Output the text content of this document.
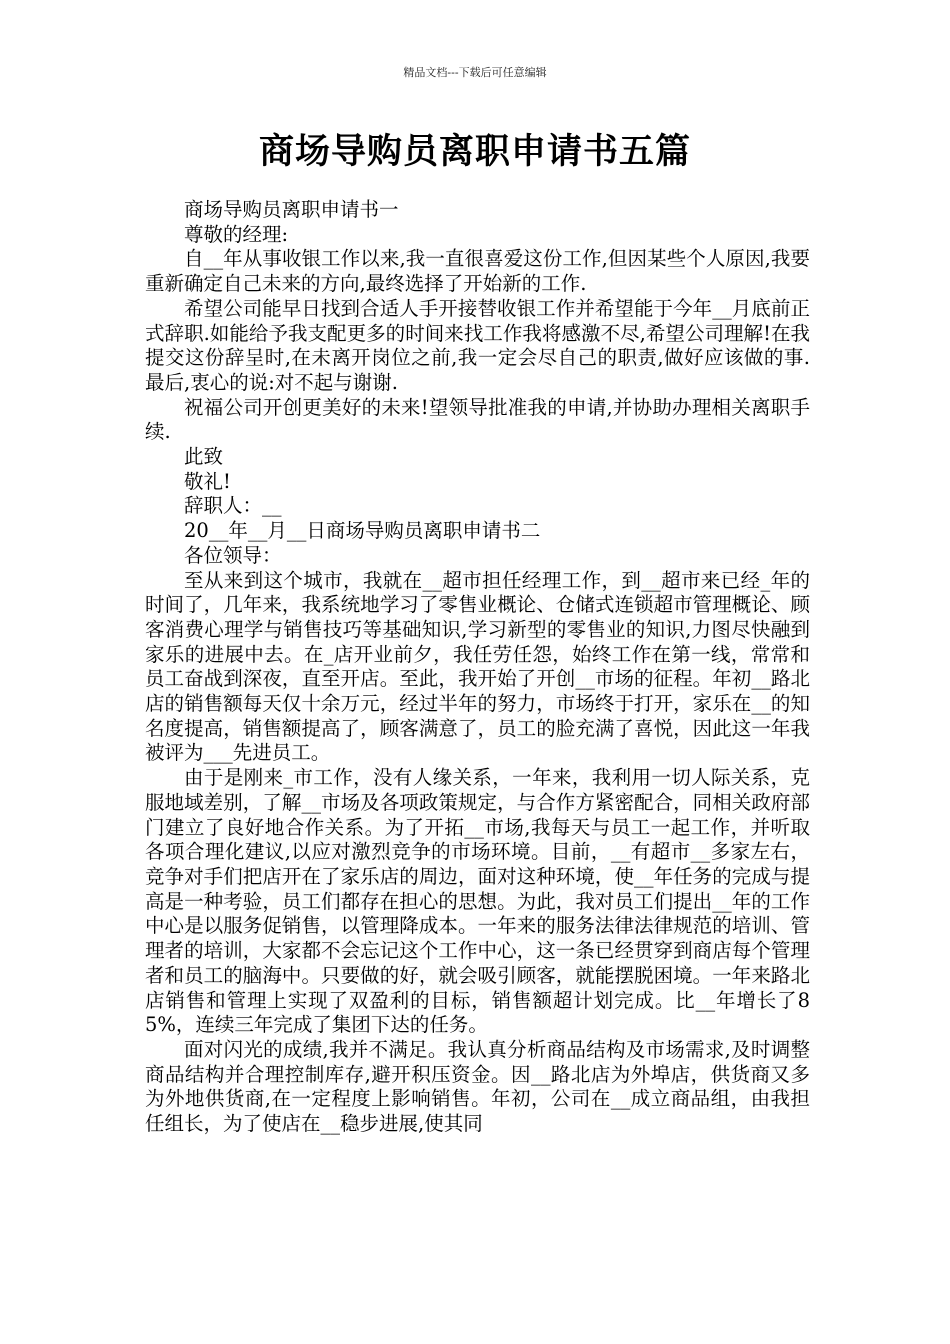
精品文档---下载后可任意编辑
商场导购员离职申请书五篇

商场导购员离职申请书一

尊敬的经理:

自__年从事收银工作以来,我一直很喜爱这份工作,但因某些个人原因,我要重新确定自己未来的方向,最终选择了开始新的工作.

希望公司能早日找到合适人手开接替收银工作并希望能于今年__月底前正式辞职.如能给予我支配更多的时间来找工作我将感激不尽,希望公司理解!在我提交这份辞呈时,在未离开岗位之前,我一定会尽自己的职责,做好应该做的事.最后,衷心的说:对不起与谢谢.

祝福公司开创更美好的未来!望领导批准我的申请,并协助办理相关离职手续.

此致

敬礼!

辞职人：__

20__年__月__日商场导购员离职申请书二

各位领导：

至从来到这个城市，我就在__超市担任经理工作，到__超市来已经_年的时间了，几年来，我系统地学习了零售业概论、仓储式连锁超市管理概论、顾客消费心理学与销售技巧等基础知识,学习新型的零售业的知识,力图尽快融到家乐的进展中去。在_店开业前夕，我任劳任怨，始终工作在第一线，常常和员工奋战到深夜，直至开店。至此，我开始了开创__市场的征程。年初__路北店的销售额每天仅十余万元，经过半年的努力，市场终于打开，家乐在__的知名度提高，销售额提高了，顾客满意了，员工的脸充满了喜悦，因此这一年我被评为___先进员工。

由于是刚来_市工作，没有人缘关系，一年来，我利用一切人际关系，克服地域差别，了解__市场及各项政策规定，与合作方紧密配合，同相关政府部门建立了良好地合作关系。为了开拓__市场,我每天与员工一起工作，并听取各项合理化建议,以应对激烈竞争的市场环境。目前，__有超市__多家左右，竞争对手们把店开在了家乐店的周边，面对这种环境，使__年任务的完成与提高是一种考验，员工们都存在担心的思想。为此，我对员工们提出__年的工作中心是以服务促销售，以管理降成本。一年来的服务法律法律规范的培训、管理者的培训，大家都不会忘记这个工作中心，这一条已经贯穿到商店每个管理者和员工的脑海中。只要做的好，就会吸引顾客，就能摆脱困境。一年来路北店销售和管理上实现了双盈利的目标，销售额超计划完成。比__年增长了85%，连续三年完成了集团下达的任务。

面对闪光的成绩,我并不满足。我认真分析商品结构及市场需求,及时调整商品结构并合理控制库存,避开积压资金。因__路北店为外埠店，供货商又多为外地供货商,在一定程度上影响销售。年初，公司在__成立商品组，由我担任组长，为了使店在__稳步进展,使其同
